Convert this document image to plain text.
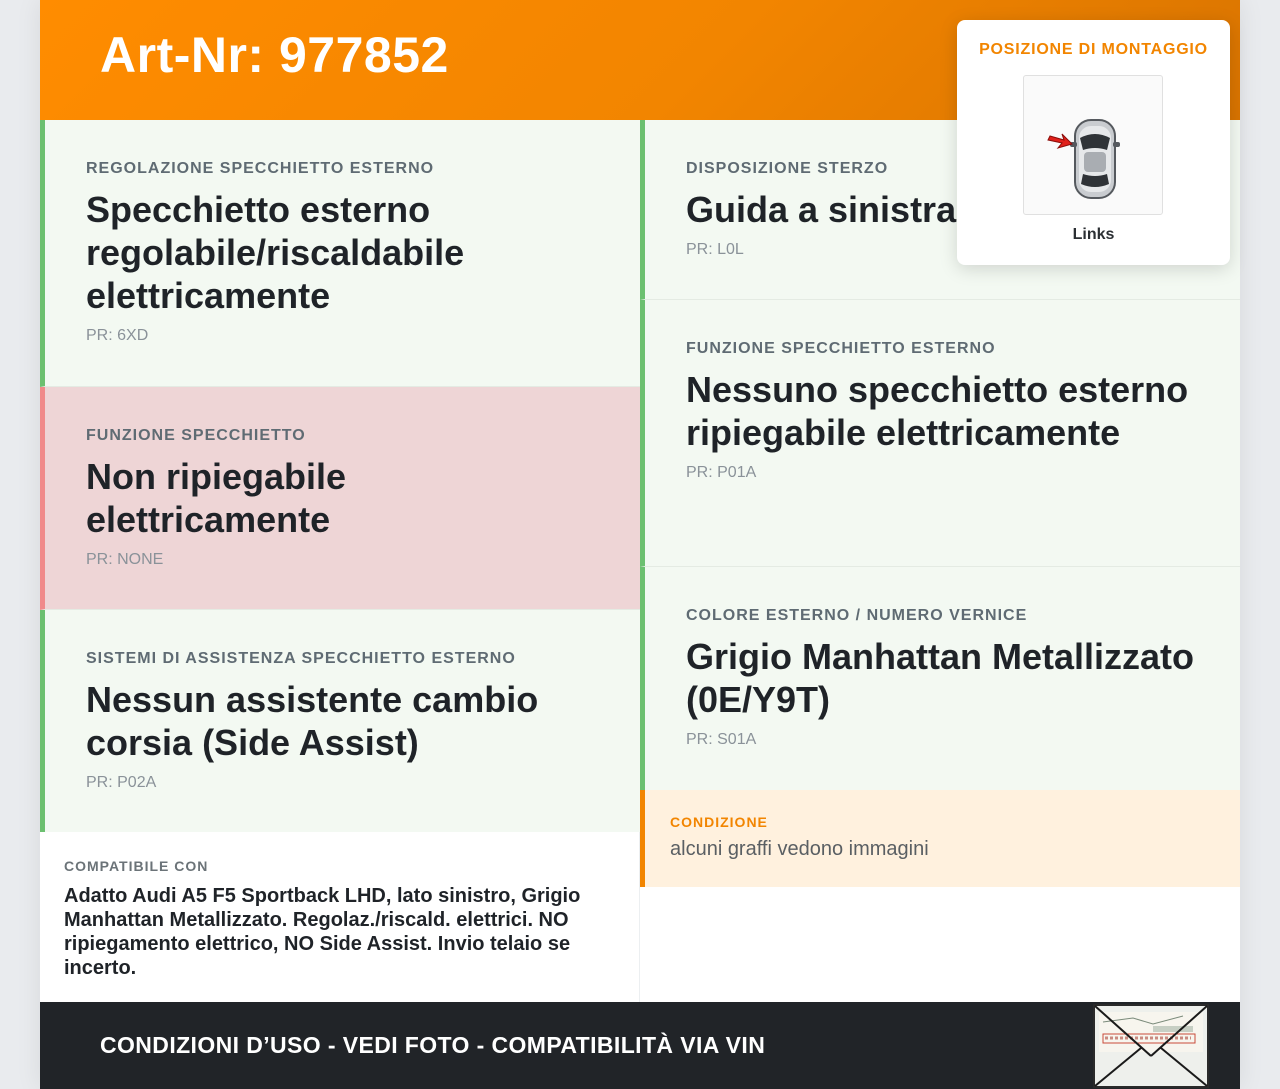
Art-Nr: 977852
REGOLAZIONE SPECCHIETTO ESTERNO
Specchietto esterno regolabile/riscaldabile elettricamente
PR: 6XD
FUNZIONE SPECCHIETTO
Non ripiegabile elettricamente
PR: NONE
SISTEMI DI ASSISTENZA SPECCHIETTO ESTERNO
Nessun assistente cambio corsia (Side Assist)
PR: P02A
DISPOSIZIONE STERZO
Guida a sinistra
PR: L0L
FUNZIONE SPECCHIETTO ESTERNO
Nessuno specchietto esterno ripiegabile elettricamente
PR: P01A
COLORE ESTERNO / NUMERO VERNICE
Grigio Manhattan Metallizzato (0E/Y9T)
PR: S01A
COMPATIBILE CON
Adatto Audi A5 F5 Sportback LHD, lato sinistro, Grigio Manhattan Metallizzato. Regolaz./riscald. elettrici. NO ripiegamento elettrico, NO Side Assist. Invio telaio se incerto.
CONDIZIONE
alcuni graffi vedono immagini
CONDIZIONI D’USO - VEDI FOTO - COMPATIBILITÀ VIA VIN
POSIZIONE DI MONTAGGIO
Links
